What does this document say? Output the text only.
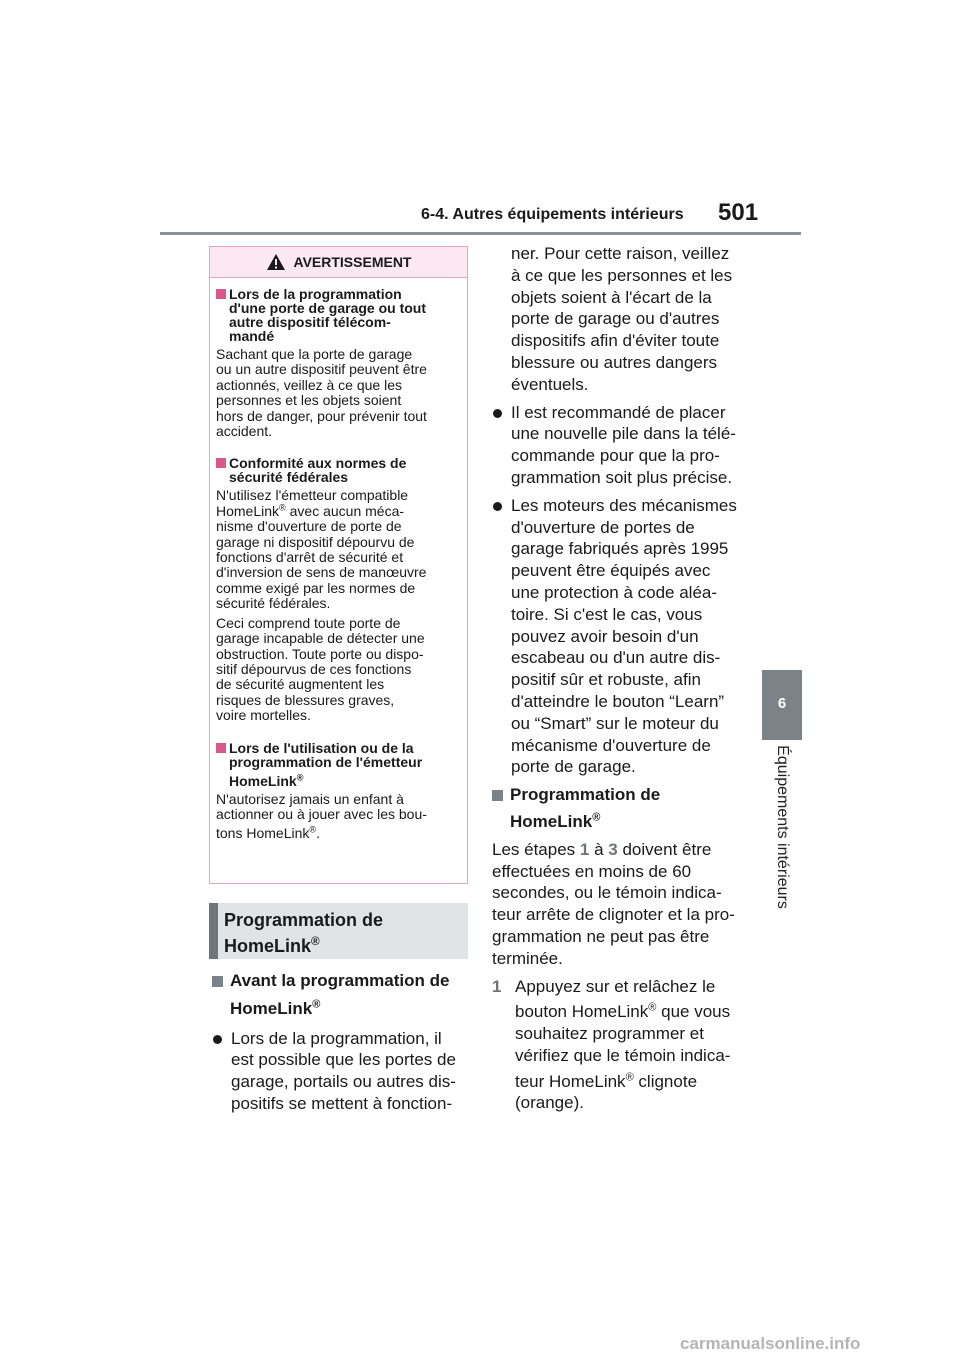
6-4. Autres équipements intérieurs 501
6
Équipements intérieurs
AVERTISSEMENT
Lors de la programmation
d'une porte de garage ou tout
autre dispositif télécom-
mandé
Sachant que la porte de garage
ou un autre dispositif peuvent être
actionnés, veillez à ce que les
personnes et les objets soient
hors de danger, pour prévenir tout
accident.
Conformité aux normes de
sécurité fédérales
N'utilisez l'émetteur compatible
HomeLink® avec aucun méca-
nisme d'ouverture de porte de
garage ni dispositif dépourvu de
fonctions d'arrêt de sécurité et
d'inversion de sens de manœuvre
comme exigé par les normes de
sécurité fédérales.
Ceci comprend toute porte de
garage incapable de détecter une
obstruction. Toute porte ou dispo-
sitif dépourvus de ces fonctions
de sécurité augmentent les
risques de blessures graves,
voire mortelles.
Lors de l'utilisation ou de la
programmation de l'émetteur
HomeLink®
N'autorisez jamais un enfant à
actionner ou à jouer avec les bou-
tons HomeLink®.
Programmation de
HomeLink®
Avant la programmation de
HomeLink®
Lors de la programmation, il
est possible que les portes de
garage, portails ou autres dis-
positifs se mettent à fonction-
ner. Pour cette raison, veillez
à ce que les personnes et les
objets soient à l'écart de la
porte de garage ou d'autres
dispositifs afin d'éviter toute
blessure ou autres dangers
éventuels.
Il est recommandé de placer
une nouvelle pile dans la télé-
commande pour que la pro-
grammation soit plus précise.
Les moteurs des mécanismes
d'ouverture de portes de
garage fabriqués après 1995
peuvent être équipés avec
une protection à code aléa-
toire. Si c'est le cas, vous
pouvez avoir besoin d'un
escabeau ou d'un autre dis-
positif sûr et robuste, afin
d'atteindre le bouton “Learn”
ou “Smart” sur le moteur du
mécanisme d'ouverture de
porte de garage.
Programmation de
HomeLink®
Les étapes 1 à 3 doivent être
effectuées en moins de 60
secondes, ou le témoin indica-
teur arrête de clignoter et la pro-
grammation ne peut pas être
terminée.
1 Appuyez sur et relâchez le
bouton HomeLink® que vous
souhaitez programmer et
vérifiez que le témoin indica-
teur HomeLink® clignote
(orange).
carmanualsonline.info
